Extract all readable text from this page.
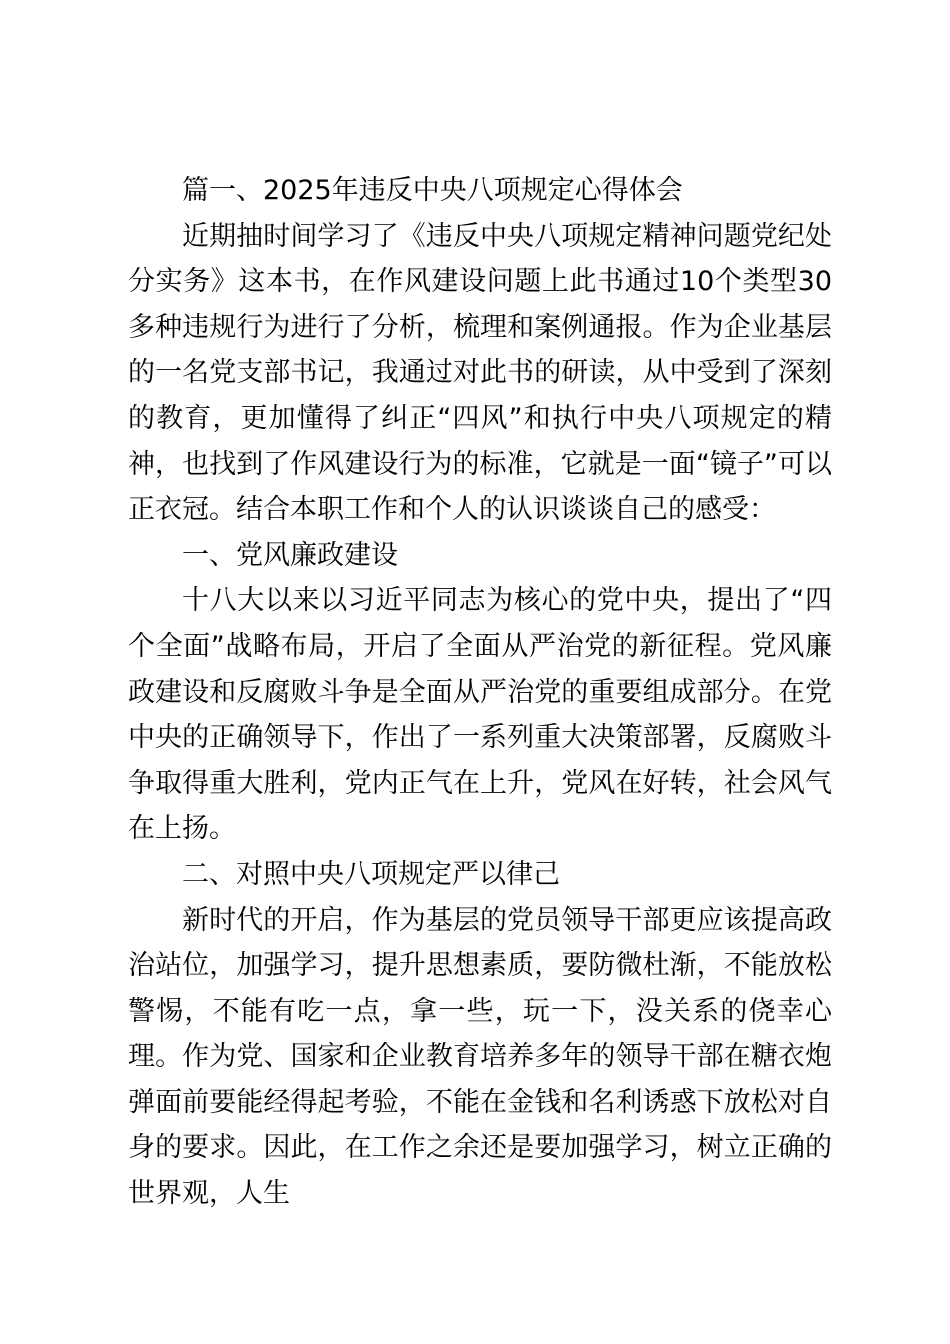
篇一、2025年违反中央八项规定心得体会

近期抽时间学习了《违反中央八项规定精神问题党纪处分实务》这本书，在作风建设问题上此书通过10个类型30多种违规行为进行了分析，梳理和案例通报。作为企业基层的一名党支部书记，我通过对此书的研读，从中受到了深刻的教育，更加懂得了纠正“四风”和执行中央八项规定的精神，也找到了作风建设行为的标准，它就是一面“镜子”可以正衣冠。结合本职工作和个人的认识谈谈自己的感受：

一、党风廉政建设

十八大以来以习近平同志为核心的党中央，提出了“四个全面”战略布局，开启了全面从严治党的新征程。党风廉政建设和反腐败斗争是全面从严治党的重要组成部分。在党中央的正确领导下，作出了一系列重大决策部署，反腐败斗争取得重大胜利，党内正气在上升，党风在好转，社会风气在上扬。

二、对照中央八项规定严以律己

新时代的开启，作为基层的党员领导干部更应该提高政治站位，加强学习，提升思想素质，要防微杜渐，不能放松警惕，不能有吃一点，拿一些，玩一下，没关系的侥幸心理。作为党、国家和企业教育培养多年的领导干部在糖衣炮弹面前要能经得起考验，不能在金钱和名利诱惑下放松对自身的要求。因此，在工作之余还是要加强学习，树立正确的世界观，人生
